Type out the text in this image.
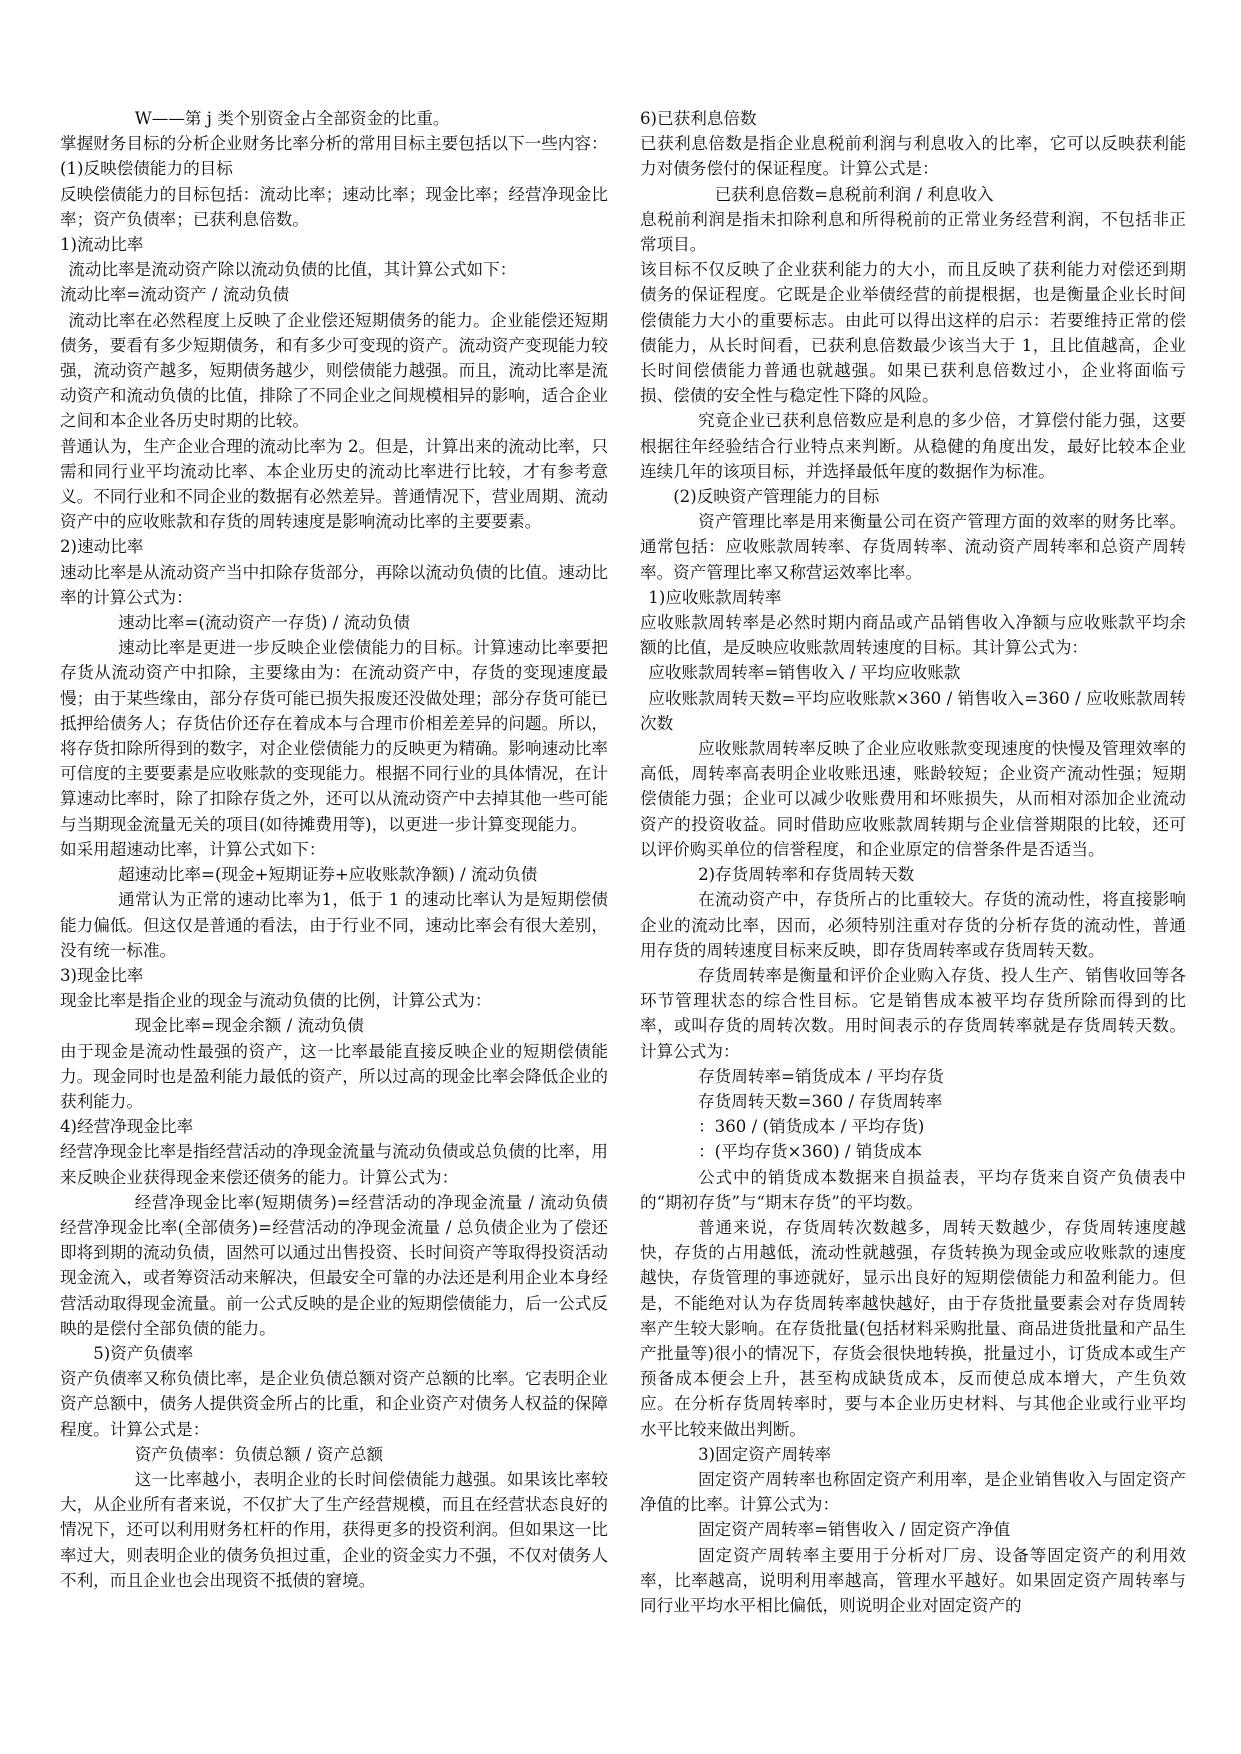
W——第 j 类个别资金占全部资金的比重。

掌握财务目标的分析企业财务比率分析的常用目标主要包括以下一些内容：

(1)反映偿债能力的目标

反映偿债能力的目标包括：流动比率；速动比率；现金比率；经营净现金比率；资产负债率；已获利息倍数。

1)流动比率

流动比率是流动资产除以流动负债的比值，其计算公式如下：

流动比率=流动资产 / 流动负债

流动比率在必然程度上反映了企业偿还短期债务的能力。企业能偿还短期债务，要看有多少短期债务，和有多少可变现的资产。流动资产变现能力较强，流动资产越多，短期债务越少，则偿债能力越强。而且，流动比率是流动资产和流动负债的比值，排除了不同企业之间规模相异的影响，适合企业之间和本企业各历史时期的比较。

普通认为，生产企业合理的流动比率为 2。但是，计算出来的流动比率，只需和同行业平均流动比率、本企业历史的流动比率进行比较，才有参考意义。不同行业和不同企业的数据有必然差异。普通情况下，营业周期、流动资产中的应收账款和存货的周转速度是影响流动比率的主要要素。

2)速动比率

速动比率是从流动资产当中扣除存货部分，再除以流动负债的比值。速动比率的计算公式为：

速动比率=(流动资产一存货) / 流动负债

速动比率是更进一步反映企业偿债能力的目标。计算速动比率要把存货从流动资产中扣除，主要缘由为：在流动资产中，存货的变现速度最慢；由于某些缘由，部分存货可能已损失报废还没做处理；部分存货可能已抵押给债务人；存货估价还存在着成本与合理市价相差差异的问题。所以，将存货扣除所得到的数字，对企业偿债能力的反映更为精确。影响速动比率可信度的主要要素是应收账款的变现能力。根据不同行业的具体情况，在计算速动比率时，除了扣除存货之外，还可以从流动资产中去掉其他一些可能与当期现金流量无关的项目(如待摊费用等)，以更进一步计算变现能力。

如采用超速动比率，计算公式如下：

超速动比率=(现金+短期证券+应收账款净额) / 流动负债

通常认为正常的速动比率为1，低于 1 的速动比率认为是短期偿债能力偏低。但这仅是普通的看法，由于行业不同，速动比率会有很大差别，没有统一标准。

3)现金比率

现金比率是指企业的现金与流动负债的比例，计算公式为：

现金比率=现金余额 / 流动负债

由于现金是流动性最强的资产，这一比率最能直接反映企业的短期偿债能力。现金同时也是盈利能力最低的资产，所以过高的现金比率会降低企业的获利能力。

4)经营净现金比率

经营净现金比率是指经营活动的净现金流量与流动负债或总负债的比率，用来反映企业获得现金来偿还债务的能力。计算公式为：

经营净现金比率(短期债务)=经营活动的净现金流量 / 流动负债经营净现金比率(全部债务)=经营活动的净现金流量 / 总负债企业为了偿还即将到期的流动负债，固然可以通过出售投资、长时间资产等取得投资活动现金流入，或者筹资活动来解决，但最安全可靠的办法还是利用企业本身经营活动取得现金流量。前一公式反映的是企业的短期偿债能力，后一公式反映的是偿付全部负债的能力。

5)资产负债率

资产负债率又称负债比率，是企业负债总额对资产总额的比率。它表明企业资产总额中，债务人提供资金所占的比重，和企业资产对债务人权益的保障程度。计算公式是：

资产负债率：负债总额 / 资产总额

这一比率越小，表明企业的长时间偿债能力越强。如果该比率较大，从企业所有者来说，不仅扩大了生产经营规模，而且在经营状态良好的情况下，还可以利用财务杠杆的作用，获得更多的投资利润。但如果这一比率过大，则表明企业的债务负担过重，企业的资金实力不强，不仅对债务人不利，而且企业也会出现资不抵债的窘境。

6)已获利息倍数

已获利息倍数是指企业息税前利润与利息收入的比率，它可以反映获利能力对债务偿付的保证程度。计算公式是：

已获利息倍数=息税前利润 / 利息收入

息税前利润是指未扣除利息和所得税前的正常业务经营利润，不包括非正常项目。

该目标不仅反映了企业获利能力的大小，而且反映了获利能力对偿还到期债务的保证程度。它既是企业举债经营的前提根据，也是衡量企业长时间偿债能力大小的重要标志。由此可以得出这样的启示：若要维持正常的偿债能力，从长时间看，已获利息倍数最少该当大于 1，且比值越高，企业长时间偿债能力普通也就越强。如果已获利息倍数过小，企业将面临亏损、偿债的安全性与稳定性下降的风险。

究竟企业已获利息倍数应是利息的多少倍，才算偿付能力强，这要根据往年经验结合行业特点来判断。从稳健的角度出发，最好比较本企业连续几年的该项目标，并选择最低年度的数据作为标准。

(2)反映资产管理能力的目标

资产管理比率是用来衡量公司在资产管理方面的效率的财务比率。通常包括：应收账款周转率、存货周转率、流动资产周转率和总资产周转率。资产管理比率又称营运效率比率。

1)应收账款周转率

应收账款周转率是必然时期内商品或产品销售收入净额与应收账款平均余额的比值，是反映应收账款周转速度的目标。其计算公式为：

应收账款周转率=销售收入 / 平均应收账款

应收账款周转天数=平均应收账款×360 / 销售收入=360 / 应收账款周转次数

应收账款周转率反映了企业应收账款变现速度的快慢及管理效率的高低，周转率高表明企业收账迅速，账龄较短；企业资产流动性强；短期偿债能力强；企业可以减少收账费用和坏账损失，从而相对添加企业流动资产的投资收益。同时借助应收账款周转期与企业信誉期限的比较，还可以评价购买单位的信誉程度，和企业原定的信誉条件是否适当。

2)存货周转率和存货周转天数

在流动资产中，存货所占的比重较大。存货的流动性，将直接影响企业的流动比率，因而，必须特别注重对存货的分析存货的流动性，普通用存货的周转速度目标来反映，即存货周转率或存货周转天数。

存货周转率是衡量和评价企业购入存货、投人生产、销售收回等各环节管理状态的综合性目标。它是销售成本被平均存货所除而得到的比率，或叫存货的周转次数。用时间表示的存货周转率就是存货周转天数。计算公式为：

存货周转率=销货成本 / 平均存货

存货周转天数=360 / 存货周转率

：360 / (销货成本 / 平均存货)

：(平均存货×360) / 销货成本

公式中的销货成本数据来自损益表，平均存货来自资产负债表中的“期初存货”与“期末存货”的平均数。

普通来说，存货周转次数越多，周转天数越少，存货周转速度越快，存货的占用越低，流动性就越强，存货转换为现金或应收账款的速度越快，存货管理的事迹就好，显示出良好的短期偿债能力和盈利能力。但是，不能绝对认为存货周转率越快越好，由于存货批量要素会对存货周转率产生较大影响。在存货批量(包括材料采购批量、商品进货批量和产品生产批量等)很小的情况下，存货会很快地转换，批量过小，订货成本或生产预备成本便会上升，甚至构成缺货成本，反而使总成本增大，产生负效应。在分析存货周转率时，要与本企业历史材料、与其他企业或行业平均水平比较来做出判断。

3)固定资产周转率

固定资产周转率也称固定资产利用率，是企业销售收入与固定资产净值的比率。计算公式为：

固定资产周转率=销售收入 / 固定资产净值

固定资产周转率主要用于分析对厂房、设备等固定资产的利用效率，比率越高，说明利用率越高，管理水平越好。如果固定资产周转率与同行业平均水平相比偏低，则说明企业对固定资产的
